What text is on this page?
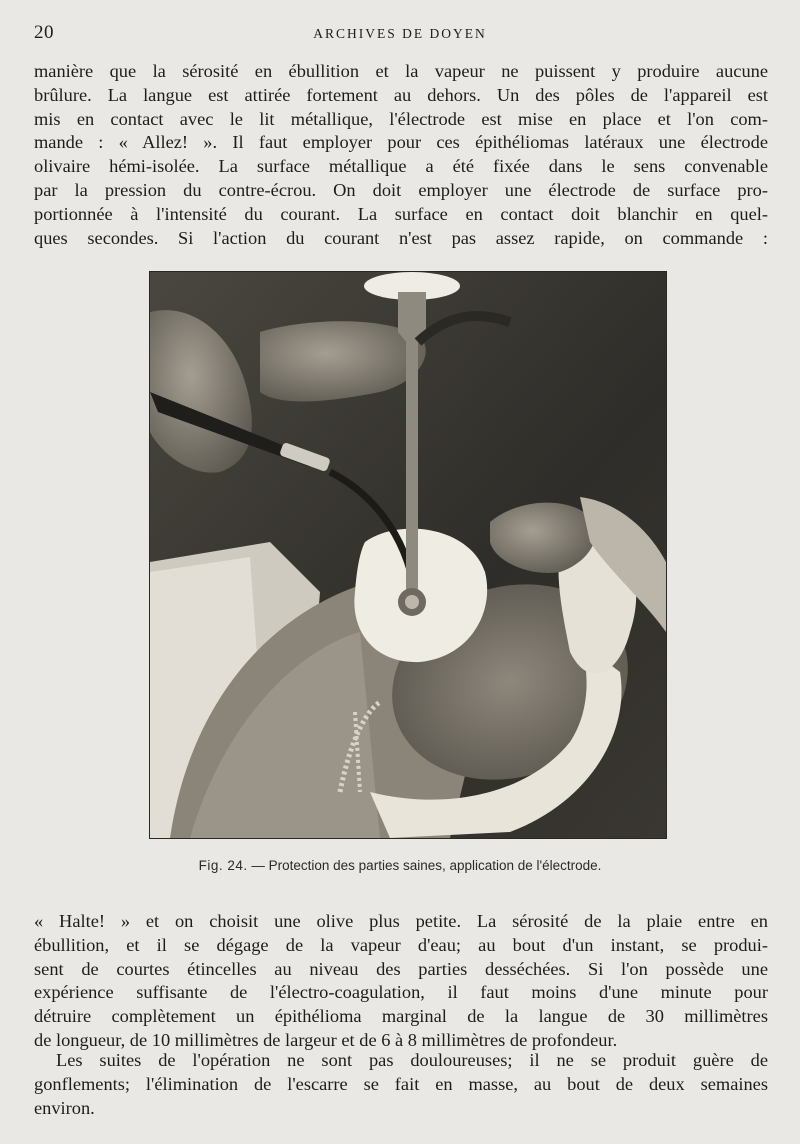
20	ARCHIVES DE DOYEN
manière que la sérosité en ébullition et la vapeur ne puissent y produire aucune
brûlure. La langue est attirée fortement au dehors. Un des pôles de l'appareil est
mis en contact avec le lit métallique, l'électrode est mise en place et l'on com-
mande : « Allez! ». Il faut employer pour ces épithéliomas latéraux une électrode
olivaire hémi-isolée. La surface métallique a été fixée dans le sens convenable
par la pression du contre-écrou. On doit employer une électrode de surface pro-
portionnée à l'intensité du courant. La surface en contact doit blanchir en quel-
ques secondes. Si l'action du courant n'est pas assez rapide, on commande :
Fig. 24. — Protection des parties saines, application de l'électrode.
« Halte! » et on choisit une olive plus petite. La sérosité de la plaie entre en
ébullition, et il se dégage de la vapeur d'eau; au bout d'un instant, se produi-
sent de courtes étincelles au niveau des parties desséchées. Si l'on possède une
expérience suffisante de l'électro-coagulation, il faut moins d'une minute pour
détruire complètement un épithélioma marginal de la langue de 30 millimètres
de longueur, de 10 millimètres de largeur et de 6 à 8 millimètres de profondeur.
Les suites de l'opération ne sont pas douloureuses; il ne se produit guère de
gonflements; l'élimination de l'escarre se fait en masse, au bout de deux semaines
environ.
